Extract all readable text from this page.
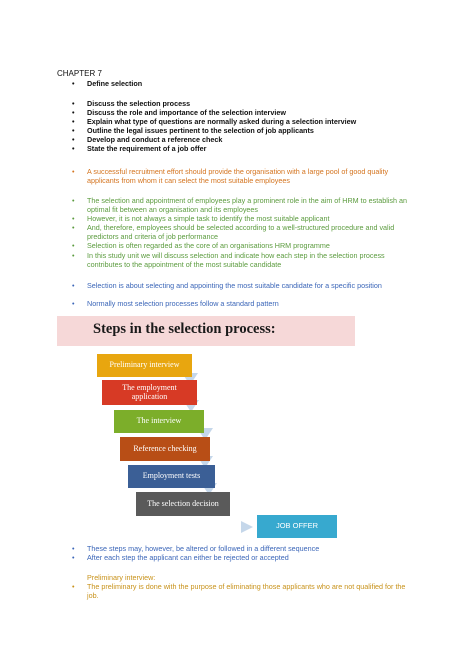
CHAPTER 7
• Define selection
• Discuss the selection process
• Discuss the role and importance of the selection interview
• Explain what type of questions are normally asked during a selection interview
• Outline the legal issues pertinent to the selection of job applicants
• Develop and conduct a reference check
• State the requirement of a job offer
• A successful recruitment effort should provide the organisation with a large pool of good quality applicants from whom it can select the most suitable employees
• The selection and appointment of employees play a prominent role in the aim of HRM to establish an optimal fit between an organisation and its employees
• However, it is not always a simple task to identify the most suitable applicant
• And, therefore, employees should be selected according to a well-structured procedure and valid predictors and criteria of job performance
• Selection is often regarded as the core of an organisations HRM programme
• In this study unit we will discuss selection and indicate how each step in the selection process contributes to the appointment of the most suitable candidate
• Selection is about selecting and appointing the most suitable candidate for a specific position
• Normally most selection processes follow a standard pattern
Steps in the selection process:
Preliminary interview
The employment application
The interview
Reference checking
Employment tests
The selection decision
JOB OFFER
• These steps may, however, be altered or followed in a different sequence
• After each step the applicant can either be rejected or accepted
Preliminary interview:
• The preliminary is done with the purpose of eliminating those applicants who are not qualified for the job.
